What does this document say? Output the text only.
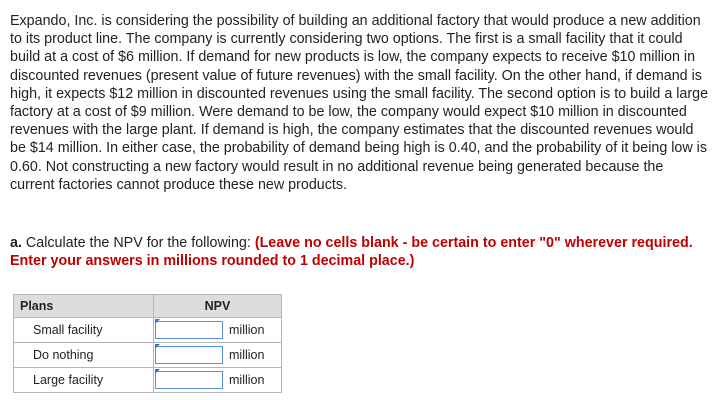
Expando, Inc. is considering the possibility of building an additional factory that would produce a new addition to its product line. The company is currently considering two options. The first is a small facility that it could build at a cost of $6 million. If demand for new products is low, the company expects to receive $10 million in discounted revenues (present value of future revenues) with the small facility. On the other hand, if demand is high, it expects $12 million in discounted revenues using the small facility. The second option is to build a large factory at a cost of $9 million. Were demand to be low, the company would expect $10 million in discounted revenues with the large plant. If demand is high, the company estimates that the discounted revenues would be $14 million. In either case, the probability of demand being high is 0.40, and the probability of it being low is 0.60. Not constructing a new factory would result in no additional revenue being generated because the current factories cannot produce these new products.

a. Calculate the NPV for the following: (Leave no cells blank - be certain to enter "0" wherever required. Enter your answers in millions rounded to 1 decimal place.)

Plans	NPV	
Small facility		million
Do nothing		million
Large facility		million
